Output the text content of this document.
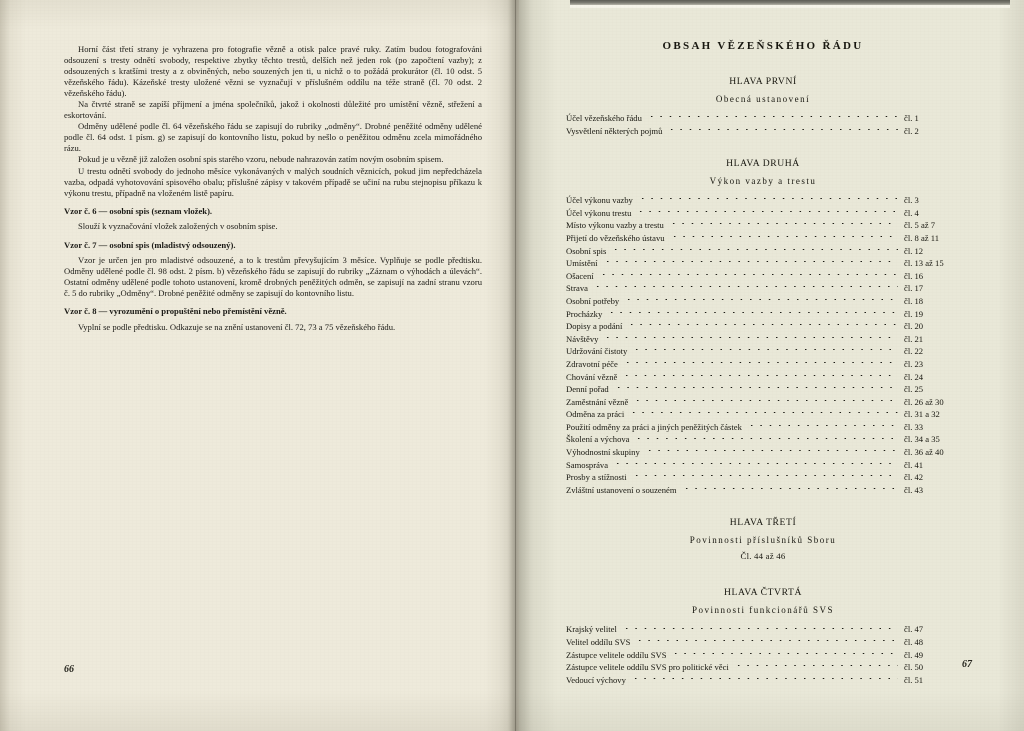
Horní část třetí strany je vyhrazena pro fotografie vězně a otisk palce pravé ruky. Zatím budou fotografováni odsouzení s tresty odnětí svobody, respektive zbytky těchto trestů, delších než jeden rok (po započtení vazby); z odsouzených s kratšími tresty a z obviněných, nebo souzených jen ti, u nichž o to požádá prokurátor (čl. 10 odst. 5 vězeňského řádu). Kázeňské tresty uložené vězni se vyznačují v příslušném oddílu na téže straně (čl. 70 odst. 2 vězeňského řádu).

Na čtvrté straně se zapíší příjmení a jména společníků, jakož i okolnosti důležité pro umístění vězně, střežení a eskortování.

Odměny udělené podle čl. 64 vězeňského řádu se zapisují do rubriky „odměny“. Drobné peněžité odměny udělené podle čl. 64 odst. 1 písm. g) se zapisují do kontovního listu, pokud by nešlo o peněžitou odměnu zcela mimořádného rázu.

Pokud je u vězně již založen osobní spis starého vzoru, nebude nahrazován zatím novým osobním spisem.

U trestu odnětí svobody do jednoho měsíce vykonávaných v malých soudních věznicích, pokud jim nepředcházela vazba, odpadá vyhotovování spisového obalu; příslušné zápisy v takovém případě se učiní na rubu stejnopisu příkazu k výkonu trestu, případně na vloženém listě papíru.

Vzor č. 6 — osobní spis (seznam vložek).

Slouží k vyznačování vložek založených v osobním spise.

Vzor č. 7 — osobní spis (mladistvý odsouzený).

Vzor je určen jen pro mladistvé odsouzené, a to k trestům převyšujícím 3 měsíce. Vyplňuje se podle předtisku. Odměny udělené podle čl. 98 odst. 2 písm. b) vězeňského řádu se zapisují do rubriky „Záznam o výhodách a úlevách“. Ostatní odměny udělené podle tohoto ustanovení, kromě drobných peněžitých odměn, se zapisují na zadní stranu vzoru č. 5 do rubriky „Odměny“. Drobné peněžité odměny se zapisují do kontovního listu.

Vzor č. 8 — vyrozumění o propuštění nebo přemístění vězně.

Vyplní se podle předtisku. Odkazuje se na znění ustanovení čl. 72, 73 a 75 vězeňského řádu.

OBSAH VĚZEŇSKÉHO ŘÁDU
HLAVA PRVNÍ
Obecná ustanovení
Účel vězeňského řádu	čl. 1
Vysvětlení některých pojmů	čl. 2
HLAVA DRUHÁ
Výkon vazby a trestu
Účel výkonu vazby	čl. 3
Účel výkonu trestu	čl. 4
Místo výkonu vazby a trestu	čl. 5 až 7
Přijetí do vězeňského ústavu	čl. 8 až 11
Osobní spis	čl. 12
Umístění	čl. 13 až 15
Ošacení	čl. 16
Strava	čl. 17
Osobní potřeby	čl. 18
Procházky	čl. 19
Dopisy a podání	čl. 20
Návštěvy	čl. 21
Udržování čistoty	čl. 22
Zdravotní péče	čl. 23
Chování vězně	čl. 24
Denní pořad	čl. 25
Zaměstnání vězně	čl. 26 až 30
Odměna za práci	čl. 31 a 32
Použití odměny za práci a jiných peněžitých částek	čl. 33
Školení a výchova	čl. 34 a 35
Výhodnostní skupiny	čl. 36 až 40
Samospráva	čl. 41
Prosby a stížnosti	čl. 42
Zvláštní ustanovení o souzeném	čl. 43
HLAVA TŘETÍ
Povinnosti příslušníků Sboru
Čl. 44 až 46
HLAVA ČTVRTÁ
Povinnosti funkcionářů SVS
Krajský velitel	čl. 47
Velitel oddílu SVS	čl. 48
Zástupce velitele oddílu SVS	čl. 49
Zástupce velitele oddílu SVS pro politické věci	čl. 50
Vedoucí výchovy	čl. 51
66	67
